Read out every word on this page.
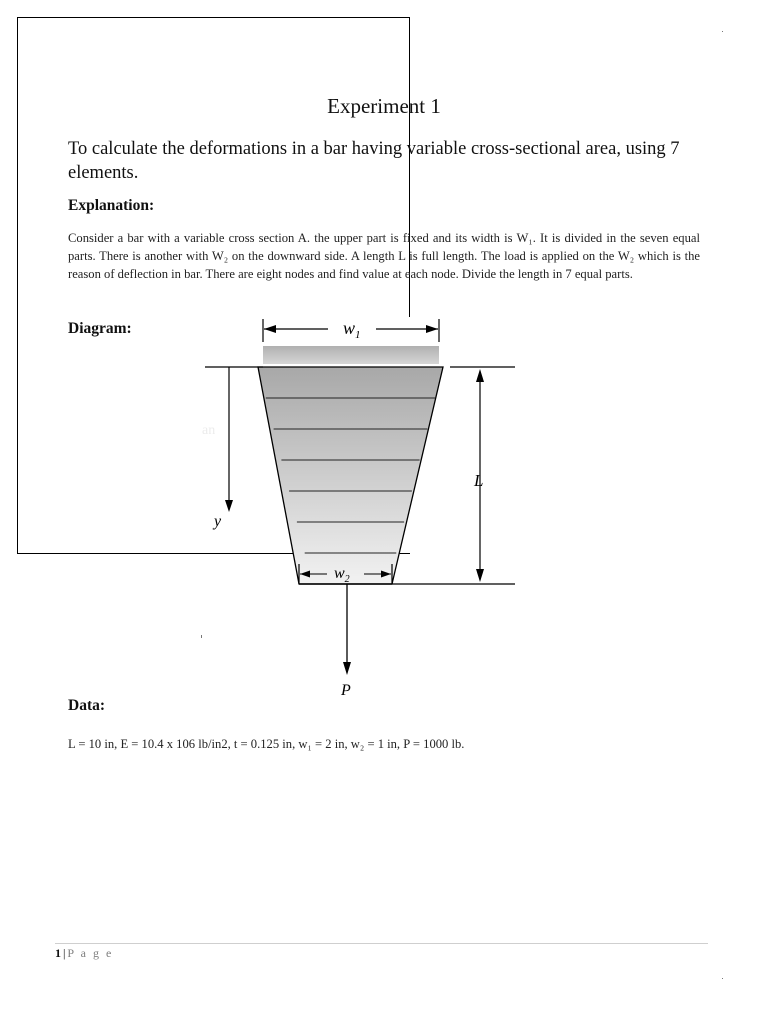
Experiment 1
To calculate the deformations in a bar having variable cross-sectional area, using 7 elements.
Explanation:
Consider a bar with a variable cross section A. the upper part is fixed and its width is W₁. It is divided in the seven equal parts. There is another with W₂ on the downward side. A length L is full length. The load is applied on the W₂ which is the reason of deflection in bar. There are eight nodes and find value at each node. Divide the length in 7 equal parts.
Diagram:	$w_1$
y
an
L
$w_2$
P
Data:
L = 10 in, E = 10.4 x 106 lb/in2, t = 0.125 in, w₁ = 2 in, w₂ = 1 in, P = 1000 lb.
1 | P a g e
